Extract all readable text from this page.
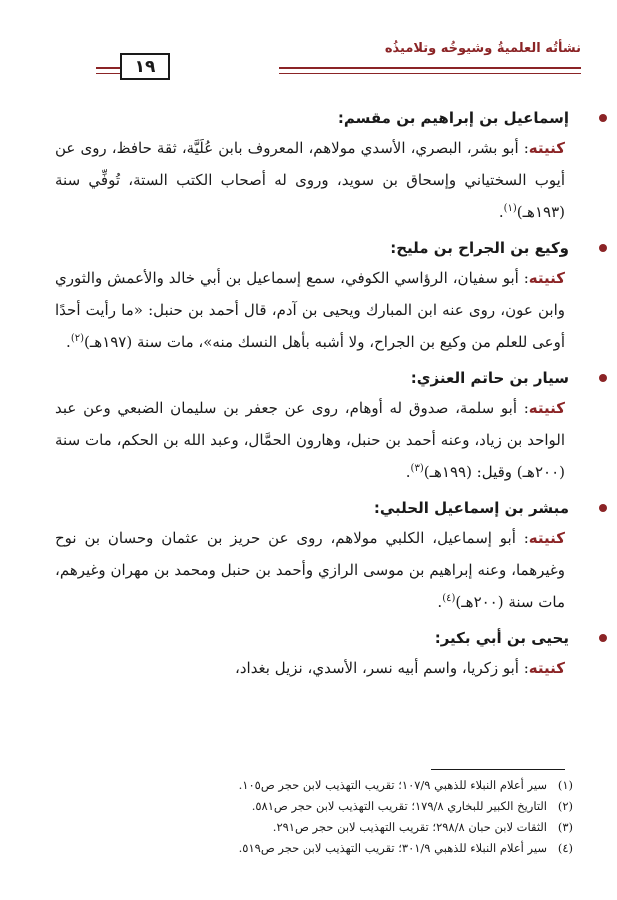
نشأتُه العلميةُ وشيوخُه وتلاميذُه
١٩
إسماعيل بن إبراهيم بن مقسم:

كنيته: أبو بشر، البصري، الأسدي مولاهم، المعروف بابن عُلَيَّة، ثقة حافظ، روى عن أيوب السختياني وإسحاق بن سويد، وروى له أصحاب الكتب الستة، تُوفِّي سنة (١٩٣هـ)$^{(١)}$.

وكيع بن الجراح بن مليح:

كنيته: أبو سفيان، الرؤاسي الكوفي، سمع إسماعيل بن أبي خالد والأعمش والثوري وابن عون، روى عنه ابن المبارك ويحيى بن آدم، قال أحمد بن حنبل: «ما رأيت أحدًا أوعى للعلم من وكيع بن الجراح، ولا أشبه بأهل النسك منه»، مات سنة (١٩٧هـ)$^{(٢)}$.

سيار بن حاتم العنزي:

كنيته: أبو سلمة، صدوق له أوهام، روى عن جعفر بن سليمان الضبعي وعن عبد الواحد بن زياد، وعنه أحمد بن حنبل، وهارون الحمَّال، وعبد الله بن الحكم، مات سنة (٢٠٠هـ) وقيل: (١٩٩هـ)$^{(٣)}$.

مبشر بن إسماعيل الحلبي:

كنيته: أبو إسماعيل، الكلبي مولاهم، روى عن حريز بن عثمان وحسان بن نوح وغيرهما، وعنه إبراهيم بن موسى الرازي وأحمد بن حنبل ومحمد بن مهران وغيرهم، مات سنة (٢٠٠هـ)$^{(٤)}$.

يحيى بن أبي بكير:

كنيته: أبو زكريا، واسم أبيه نسر، الأسدي، نزيل بغداد،

(١)
سير أعلام النبلاء للذهبي ١٠٧/٩؛ تقريب التهذيب لابن حجر ص١٠٥.
(٢)
التاريخ الكبير للبخاري ١٧٩/٨؛ تقريب التهذيب لابن حجر ص٥٨١.
(٣)
الثقات لابن حبان ٢٩٨/٨؛ تقريب التهذيب لابن حجر ص٢٩١.
(٤)
سير أعلام النبلاء للذهبي ٣٠١/٩؛ تقريب التهذيب لابن حجر ص٥١٩.
